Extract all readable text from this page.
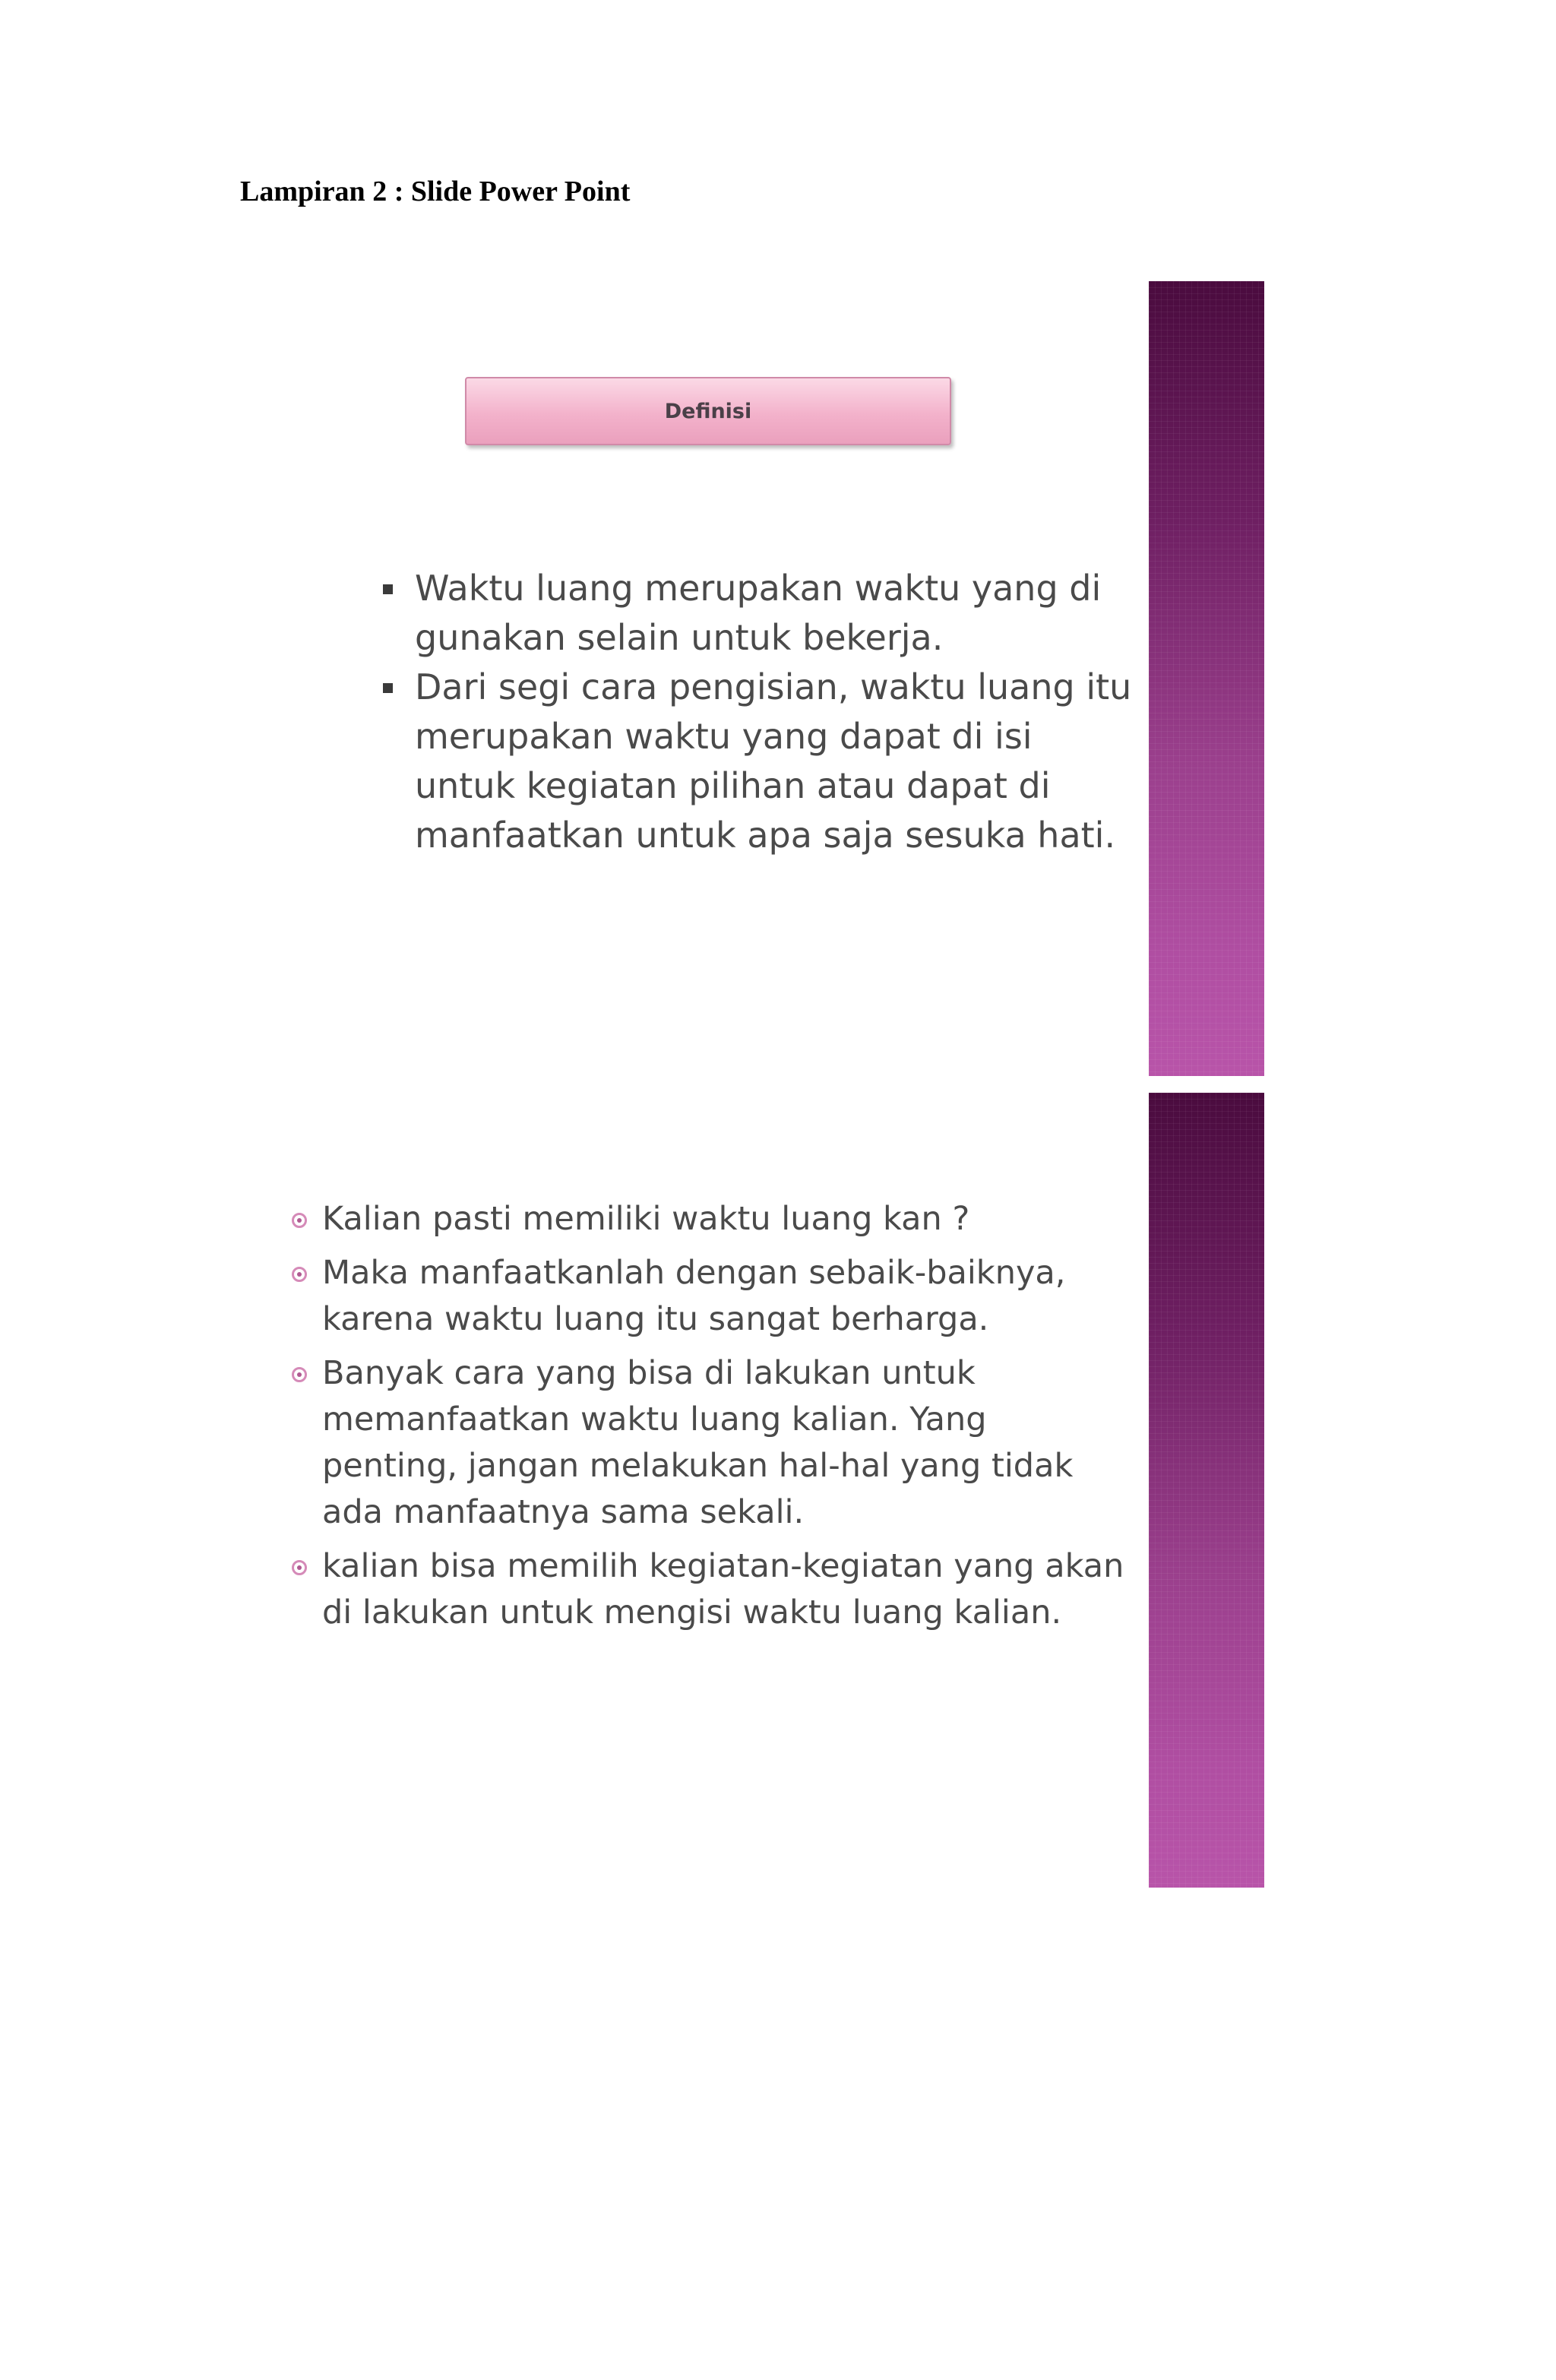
Lampiran 2 : Slide Power Point
Definisi
Waktu luang merupakan waktu yang di gunakan selain untuk bekerja.
Dari segi cara pengisian, waktu luang itu merupakan waktu yang dapat di isi untuk kegiatan pilihan atau dapat di manfaatkan untuk apa saja sesuka hati.
Kalian pasti memiliki waktu luang kan ?
Maka manfaatkanlah dengan sebaik-baiknya, karena waktu luang itu sangat berharga.
Banyak cara yang bisa di lakukan untuk memanfaatkan waktu luang kalian. Yang penting, jangan melakukan hal-hal yang tidak ada manfaatnya sama sekali.
kalian bisa memilih kegiatan-kegiatan yang akan di lakukan untuk mengisi waktu luang kalian.
